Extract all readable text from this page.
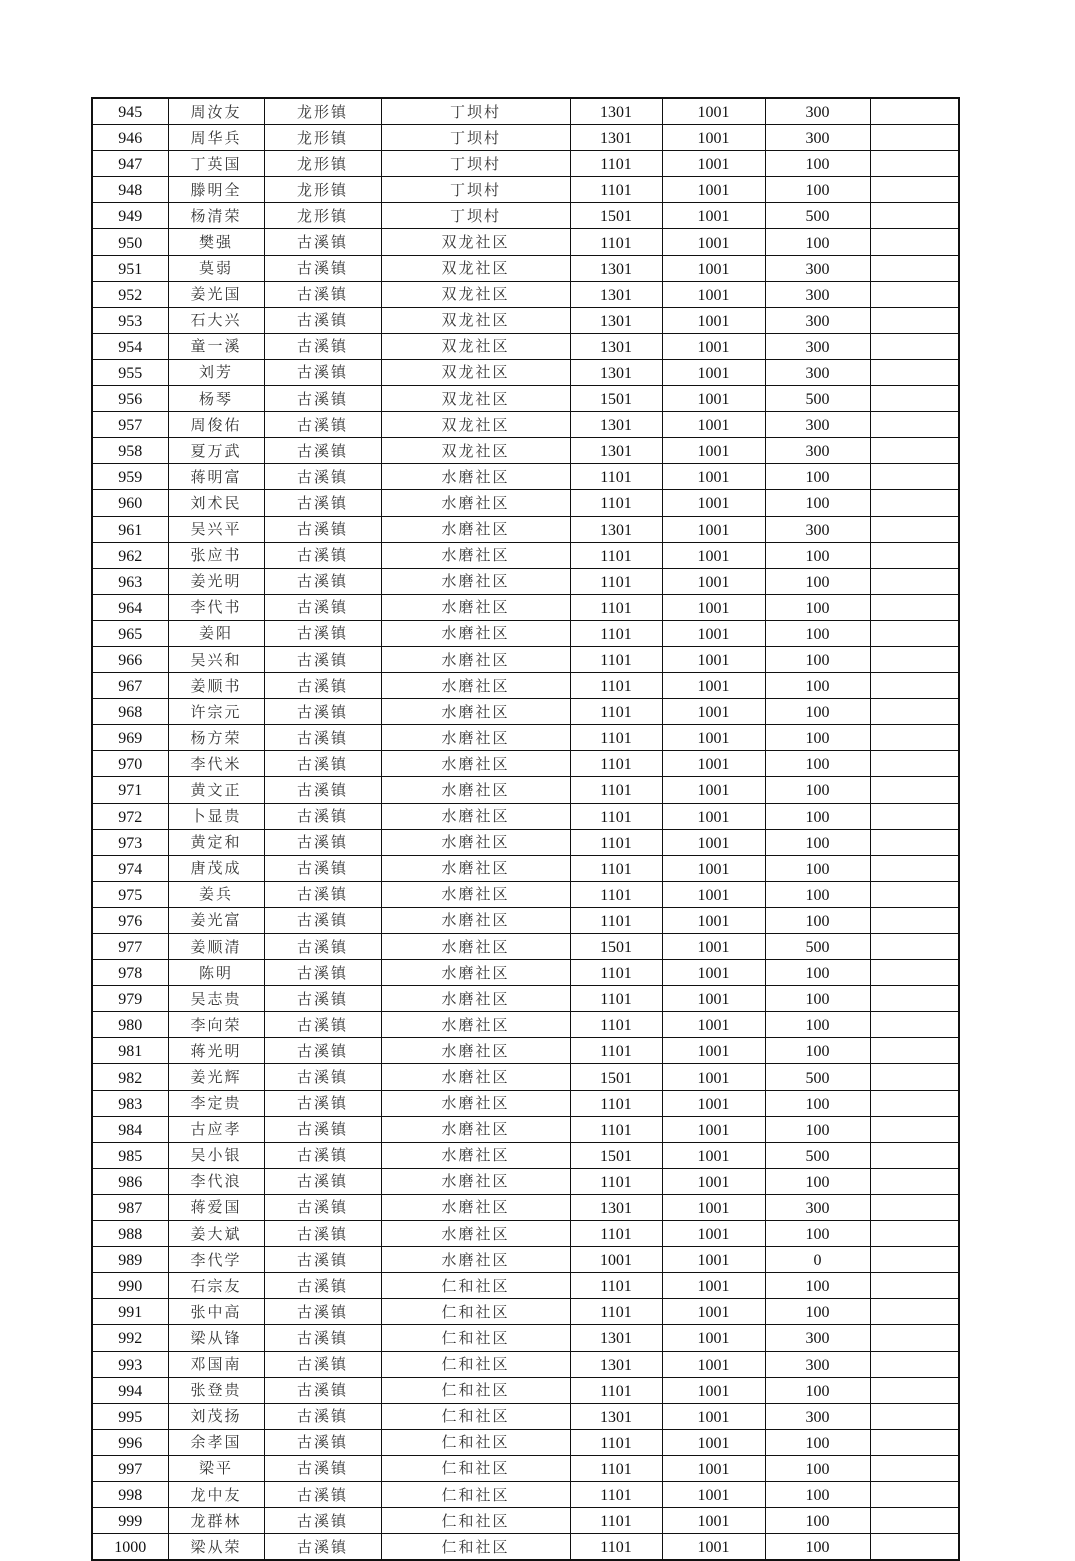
945	周汝友	龙形镇	丁坝村	1301	1001	300	
946	周华兵	龙形镇	丁坝村	1301	1001	300	
947	丁英国	龙形镇	丁坝村	1101	1001	100	
948	滕明全	龙形镇	丁坝村	1101	1001	100	
949	杨清荣	龙形镇	丁坝村	1501	1001	500	
950	樊强	古溪镇	双龙社区	1101	1001	100	
951	莫弱	古溪镇	双龙社区	1301	1001	300	
952	姜光国	古溪镇	双龙社区	1301	1001	300	
953	石大兴	古溪镇	双龙社区	1301	1001	300	
954	童一溪	古溪镇	双龙社区	1301	1001	300	
955	刘芳	古溪镇	双龙社区	1301	1001	300	
956	杨琴	古溪镇	双龙社区	1501	1001	500	
957	周俊佑	古溪镇	双龙社区	1301	1001	300	
958	夏万武	古溪镇	双龙社区	1301	1001	300	
959	蒋明富	古溪镇	水磨社区	1101	1001	100	
960	刘术民	古溪镇	水磨社区	1101	1001	100	
961	吴兴平	古溪镇	水磨社区	1301	1001	300	
962	张应书	古溪镇	水磨社区	1101	1001	100	
963	姜光明	古溪镇	水磨社区	1101	1001	100	
964	李代书	古溪镇	水磨社区	1101	1001	100	
965	姜阳	古溪镇	水磨社区	1101	1001	100	
966	吴兴和	古溪镇	水磨社区	1101	1001	100	
967	姜顺书	古溪镇	水磨社区	1101	1001	100	
968	许宗元	古溪镇	水磨社区	1101	1001	100	
969	杨方荣	古溪镇	水磨社区	1101	1001	100	
970	李代米	古溪镇	水磨社区	1101	1001	100	
971	黄文正	古溪镇	水磨社区	1101	1001	100	
972	卜显贵	古溪镇	水磨社区	1101	1001	100	
973	黄定和	古溪镇	水磨社区	1101	1001	100	
974	唐茂成	古溪镇	水磨社区	1101	1001	100	
975	姜兵	古溪镇	水磨社区	1101	1001	100	
976	姜光富	古溪镇	水磨社区	1101	1001	100	
977	姜顺清	古溪镇	水磨社区	1501	1001	500	
978	陈明	古溪镇	水磨社区	1101	1001	100	
979	吴志贵	古溪镇	水磨社区	1101	1001	100	
980	李向荣	古溪镇	水磨社区	1101	1001	100	
981	蒋光明	古溪镇	水磨社区	1101	1001	100	
982	姜光辉	古溪镇	水磨社区	1501	1001	500	
983	李定贵	古溪镇	水磨社区	1101	1001	100	
984	古应孝	古溪镇	水磨社区	1101	1001	100	
985	吴小银	古溪镇	水磨社区	1501	1001	500	
986	李代浪	古溪镇	水磨社区	1101	1001	100	
987	蒋爱国	古溪镇	水磨社区	1301	1001	300	
988	姜大斌	古溪镇	水磨社区	1101	1001	100	
989	李代学	古溪镇	水磨社区	1001	1001	0	
990	石宗友	古溪镇	仁和社区	1101	1001	100	
991	张中高	古溪镇	仁和社区	1101	1001	100	
992	梁从锋	古溪镇	仁和社区	1301	1001	300	
993	邓国南	古溪镇	仁和社区	1301	1001	300	
994	张登贵	古溪镇	仁和社区	1101	1001	100	
995	刘茂扬	古溪镇	仁和社区	1301	1001	300	
996	余孝国	古溪镇	仁和社区	1101	1001	100	
997	梁平	古溪镇	仁和社区	1101	1001	100	
998	龙中友	古溪镇	仁和社区	1101	1001	100	
999	龙群林	古溪镇	仁和社区	1101	1001	100	
1000	梁从荣	古溪镇	仁和社区	1101	1001	100	
